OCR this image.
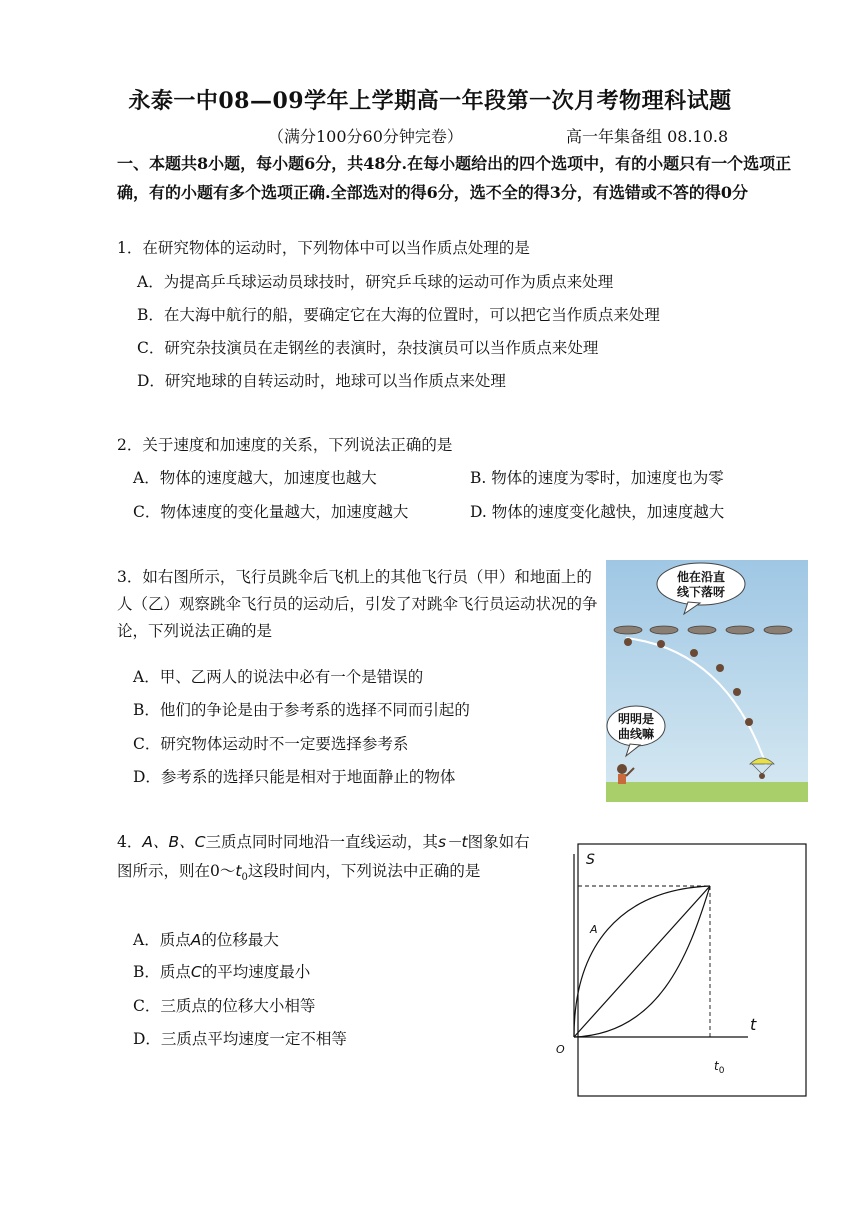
永泰一中08—09学年上学期高一年段第一次月考物理科试题
（满分100分60分钟完卷）	高一年集备组 08.10.8
一、本题共8小题，每小题6分，共48分.在每小题给出的四个选项中，有的小题只有一个选项正确，有的小题有多个选项正确.全部选对的得6分，选不全的得3分，有选错或不答的得0分
1．在研究物体的运动时，下列物体中可以当作质点处理的是
A．为提高乒乓球运动员球技时，研究乒乓球的运动可作为质点来处理
B．在大海中航行的船，要确定它在大海的位置时，可以把它当作质点来处理
C．研究杂技演员在走钢丝的表演时，杂技演员可以当作质点来处理
D．研究地球的自转运动时，地球可以当作质点来处理
2．关于速度和加速度的关系，下列说法正确的是
A．物体的速度越大，加速度也越大	B. 物体的速度为零时，加速度也为零
C．物体速度的变化量越大，加速度越大	D. 物体的速度变化越快，加速度越大
3．如右图所示，飞行员跳伞后飞机上的其他飞行员（甲）和地面上的人（乙）观察跳伞飞行员的运动后，引发了对跳伞飞行员运动状况的争论，下列说法正确的是
A．甲、乙两人的说法中必有一个是错误的
B．他们的争论是由于参考系的选择不同而引起的
C．研究物体运动时不一定要选择参考系
D．参考系的选择只能是相对于地面静止的物体
他在沿直
线下落呀
明明是
曲线嘛
4．A、B、C三质点同时同地沿一直线运动，其s－t图象如右图所示，则在$0\sim t_0$这段时间内，下列说法中正确的是
A．质点A的位移最大
B．质点C的平均速度最小
C．三质点的位移大小相等
D．三质点平均速度一定不相等
S
t
O
A
$t_0$
